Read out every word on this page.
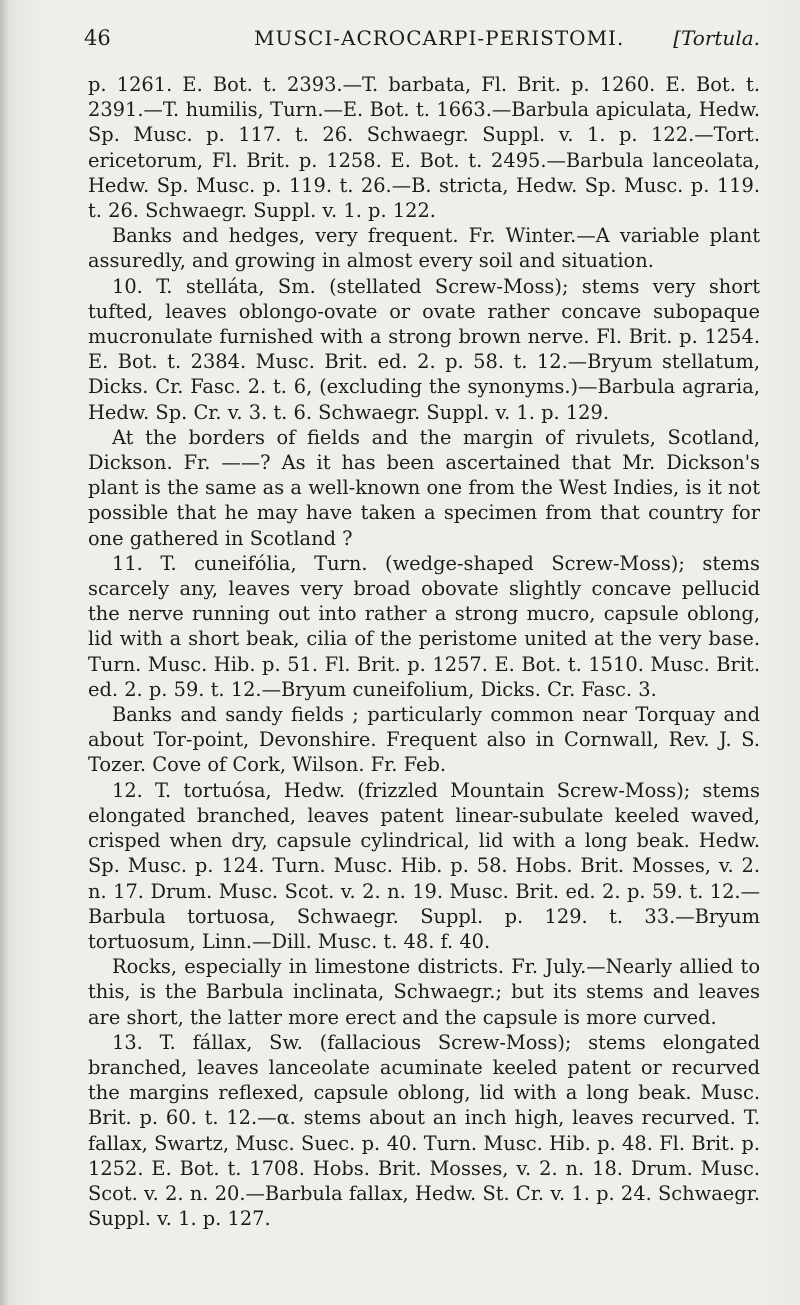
46	MUSCI-ACROCARPI-PERISTOMI. [Tortula.

p. 1261. E. Bot. t. 2393.—T. barbata, Fl. Brit. p. 1260. E. Bot. t. 2391.—T. humilis, Turn.—E. Bot. t. 1663.—Barbula apiculata, Hedw. Sp. Musc. p. 117. t. 26. Schwaegr. Suppl. v. 1. p. 122.—Tort. ericetorum, Fl. Brit. p. 1258. E. Bot. t. 2495.—Barbula lanceolata, Hedw. Sp. Musc. p. 119. t. 26.—B. stricta, Hedw. Sp. Musc. p. 119. t. 26. Schwaegr. Suppl. v. 1. p. 122.

Banks and hedges, very frequent. Fr. Winter.—A variable plant assuredly, and growing in almost every soil and situation.

10. T. stelláta, Sm. (stellated Screw-Moss); stems very short tufted, leaves oblongo-ovate or ovate rather concave subopaque mucronulate furnished with a strong brown nerve. Fl. Brit. p. 1254. E. Bot. t. 2384. Musc. Brit. ed. 2. p. 58. t. 12.—Bryum stellatum, Dicks. Cr. Fasc. 2. t. 6, (excluding the synonyms.)—Barbula agraria, Hedw. Sp. Cr. v. 3. t. 6. Schwaegr. Suppl. v. 1. p. 129.

At the borders of fields and the margin of rivulets, Scotland, Dickson. Fr. ——? As it has been ascertained that Mr. Dickson's plant is the same as a well-known one from the West Indies, is it not possible that he may have taken a specimen from that country for one gathered in Scotland ?

11. T. cuneifólia, Turn. (wedge-shaped Screw-Moss); stems scarcely any, leaves very broad obovate slightly concave pellucid the nerve running out into rather a strong mucro, capsule oblong, lid with a short beak, cilia of the peristome united at the very base. Turn. Musc. Hib. p. 51. Fl. Brit. p. 1257. E. Bot. t. 1510. Musc. Brit. ed. 2. p. 59. t. 12.—Bryum cuneifolium, Dicks. Cr. Fasc. 3.

Banks and sandy fields ; particularly common near Torquay and about Tor-point, Devonshire. Frequent also in Cornwall, Rev. J. S. Tozer. Cove of Cork, Wilson. Fr. Feb.

12. T. tortuósa, Hedw. (frizzled Mountain Screw-Moss); stems elongated branched, leaves patent linear-subulate keeled waved, crisped when dry, capsule cylindrical, lid with a long beak. Hedw. Sp. Musc. p. 124. Turn. Musc. Hib. p. 58. Hobs. Brit. Mosses, v. 2. n. 17. Drum. Musc. Scot. v. 2. n. 19. Musc. Brit. ed. 2. p. 59. t. 12.—Barbula tortuosa, Schwaegr. Suppl. p. 129. t. 33.—Bryum tortuosum, Linn.—Dill. Musc. t. 48. f. 40.

Rocks, especially in limestone districts. Fr. July.—Nearly allied to this, is the Barbula inclinata, Schwaegr.; but its stems and leaves are short, the latter more erect and the capsule is more curved.

13. T. fállax, Sw. (fallacious Screw-Moss); stems elongated branched, leaves lanceolate acuminate keeled patent or recurved the margins reflexed, capsule oblong, lid with a long beak. Musc. Brit. p. 60. t. 12.—α. stems about an inch high, leaves recurved. T. fallax, Swartz, Musc. Suec. p. 40. Turn. Musc. Hib. p. 48. Fl. Brit. p. 1252. E. Bot. t. 1708. Hobs. Brit. Mosses, v. 2. n. 18. Drum. Musc. Scot. v. 2. n. 20.—Barbula fallax, Hedw. St. Cr. v. 1. p. 24. Schwaegr. Suppl. v. 1. p. 127.
